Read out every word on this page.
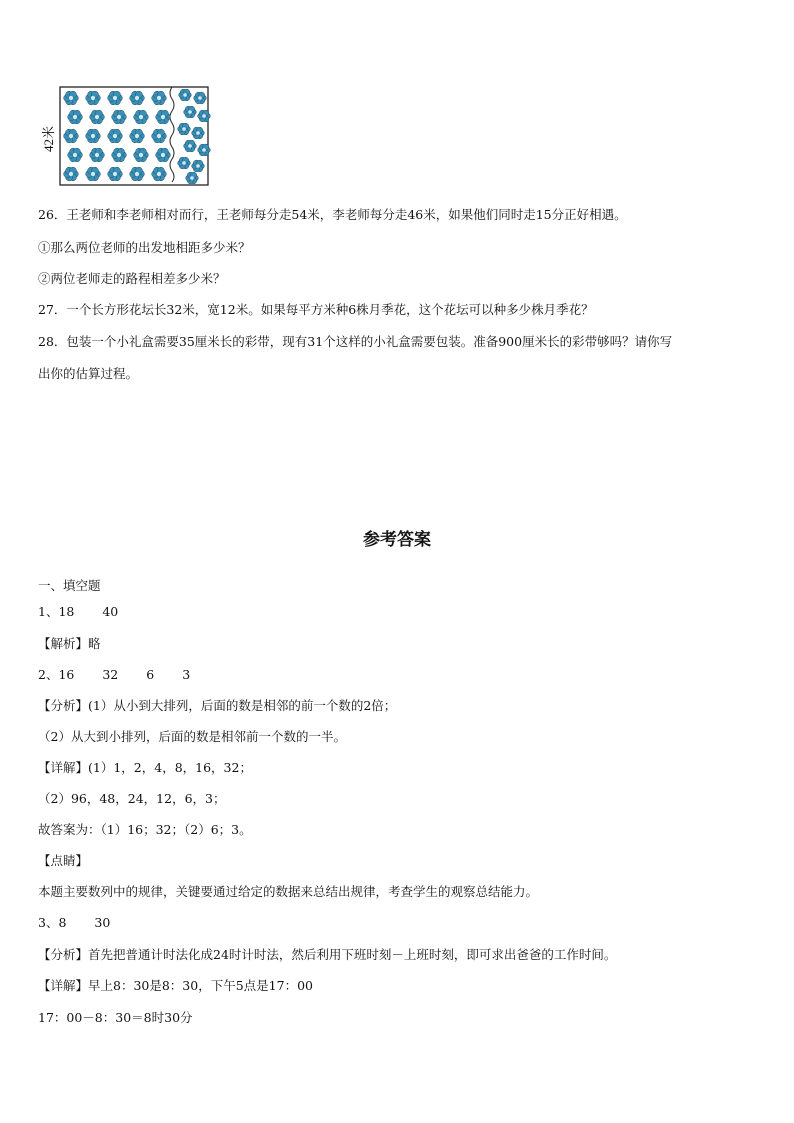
42米
26．王老师和李老师相对而行，王老师每分走54米，李老师每分走46米，如果他们同时走15分正好相遇。
①那么两位老师的出发地相距多少米？
②两位老师走的路程相差多少米？
27．一个长方形花坛长32米，宽12米。如果每平方米种6株月季花，这个花坛可以种多少株月季花？
28．包装一个小礼盒需要35厘米长的彩带，现有31个这样的小礼盒需要包装。准备900厘米长的彩带够吗？请你写
出你的估算过程。
参考答案
一、填空题
1、18 40
【解析】略
2、16 32 6 3
【分析】(1）从小到大排列，后面的数是相邻的前一个数的2倍；
（2）从大到小排列，后面的数是相邻前一个数的一半。
【详解】(1）1，2，4，8，16，32；
（2）96，48，24，12，6，3；
故答案为：（1）16；32；（2）6；3。
【点睛】
本题主要数列中的规律，关键要通过给定的数据来总结出规律，考查学生的观察总结能力。
3、8 30
【分析】首先把普通计时法化成24时计时法，然后利用下班时刻－上班时刻，即可求出爸爸的工作时间。
【详解】早上8：30是8：30，下午5点是17：00
17：00－8：30＝8时30分
